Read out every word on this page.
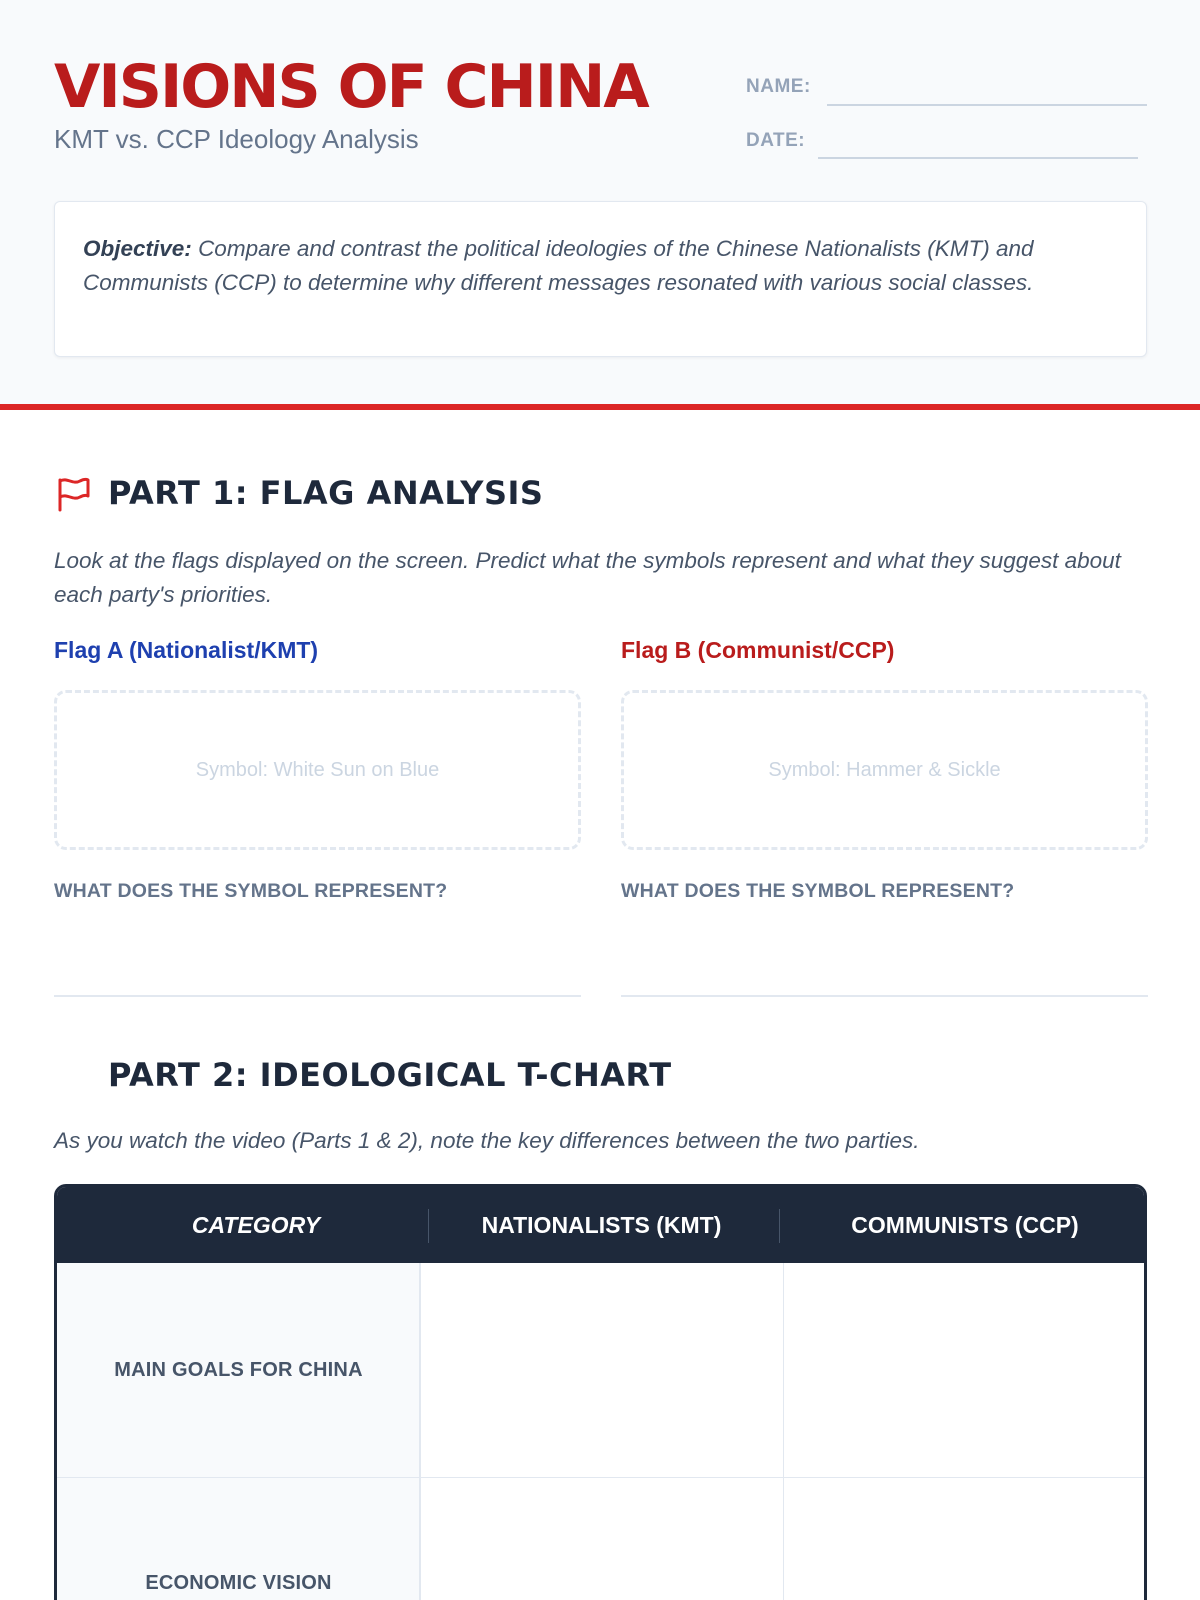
VISIONS OF CHINA
KMT vs. CCP Ideology Analysis
NAME:
DATE:
Objective: Compare and contrast the political ideologies of the Chinese Nationalists (KMT) and Communists (CCP) to determine why different messages resonated with various social classes.
PART 1: FLAG ANALYSIS
Look at the flags displayed on the screen. Predict what the symbols represent and what they suggest about each party's priorities.
Flag A (Nationalist/KMT)	Flag B (Communist/CCP)
Symbol: White Sun on Blue	Symbol: Hammer & Sickle
WHAT DOES THE SYMBOL REPRESENT?	WHAT DOES THE SYMBOL REPRESENT?
PART 2: IDEOLOGICAL T-CHART
As you watch the video (Parts 1 & 2), note the key differences between the two parties.
CATEGORY	NATIONALISTS (KMT)	COMMUNISTS (CCP)
MAIN GOALS FOR CHINA
ECONOMIC VISION
